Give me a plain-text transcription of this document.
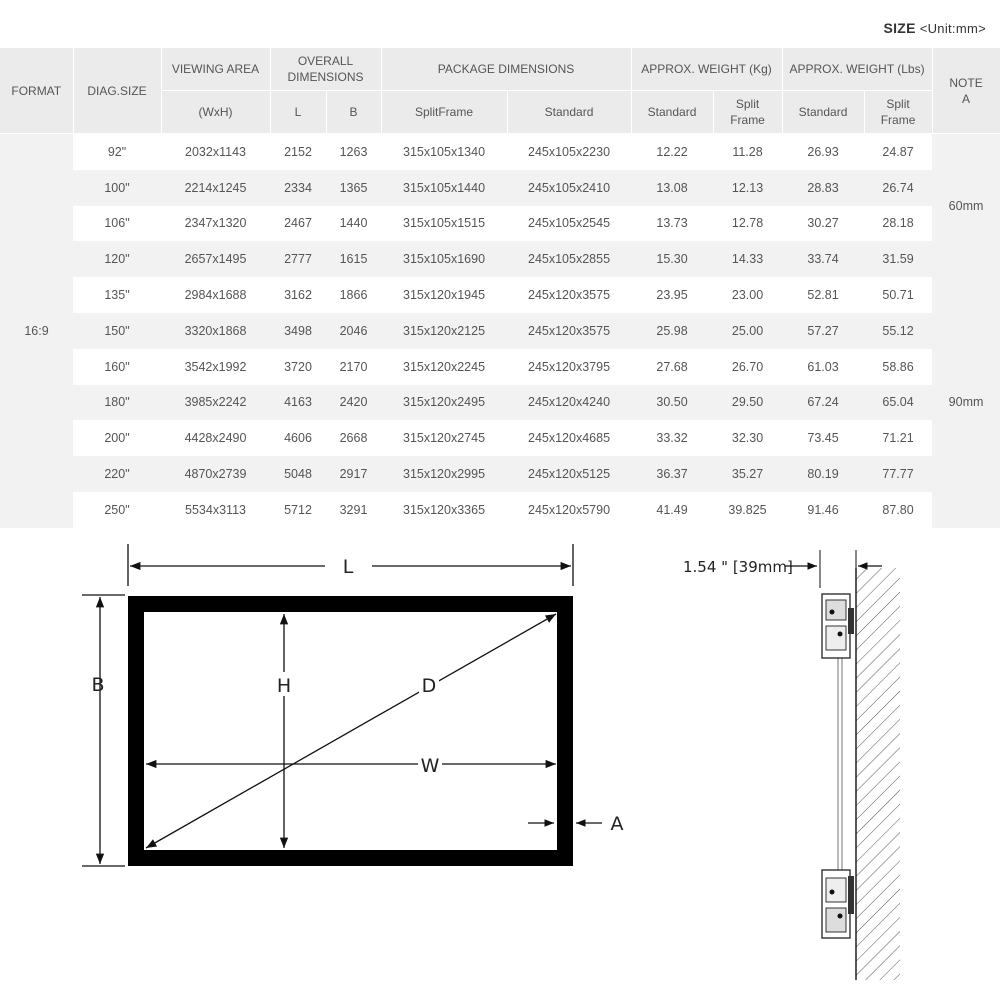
SIZE <Unit:mm>
FORMAT	DIAG.SIZE	VIEWING AREA	OVERALL DIMENSIONS		PACKAGE DIMENSIONS		APPROX. WEIGHT (Kg)		APPROX. WEIGHT (Lbs)		NOTE A
		(WxH)	L	B	SplitFrame	Standard	Standard	Split Frame	Standard	Split Frame	
16:9	92"	2032x1143	2152	1263	315x105x1340	245x105x2230	12.22	11.28	26.93	24.87	60mm
	100"	2214x1245	2334	1365	315x105x1440	245x105x2410	13.08	12.13	28.83	26.74	
	106"	2347x1320	2467	1440	315x105x1515	245x105x2545	13.73	12.78	30.27	28.18	
	120"	2657x1495	2777	1615	315x105x1690	245x105x2855	15.30	14.33	33.74	31.59	
	135"	2984x1688	3162	1866	315x120x1945	245x120x3575	23.95	23.00	52.81	50.71	90mm
	150"	3320x1868	3498	2046	315x120x2125	245x120x3575	25.98	25.00	57.27	55.12	
	160"	3542x1992	3720	2170	315x120x2245	245x120x3795	27.68	26.70	61.03	58.86	
	180"	3985x2242	4163	2420	315x120x2495	245x120x4240	30.50	29.50	67.24	65.04	
	200"	4428x2490	4606	2668	315x120x2745	245x120x4685	33.32	32.30	73.45	71.21	
	220"	4870x2739	5048	2917	315x120x2995	245x120x5125	36.37	35.27	80.19	77.77	
	250"	5534x3113	5712	3291	315x120x3365	245x120x5790	41.49	39.825	91.46	87.80	
L
B	H	D
W
A
1.54 " [39mm]
